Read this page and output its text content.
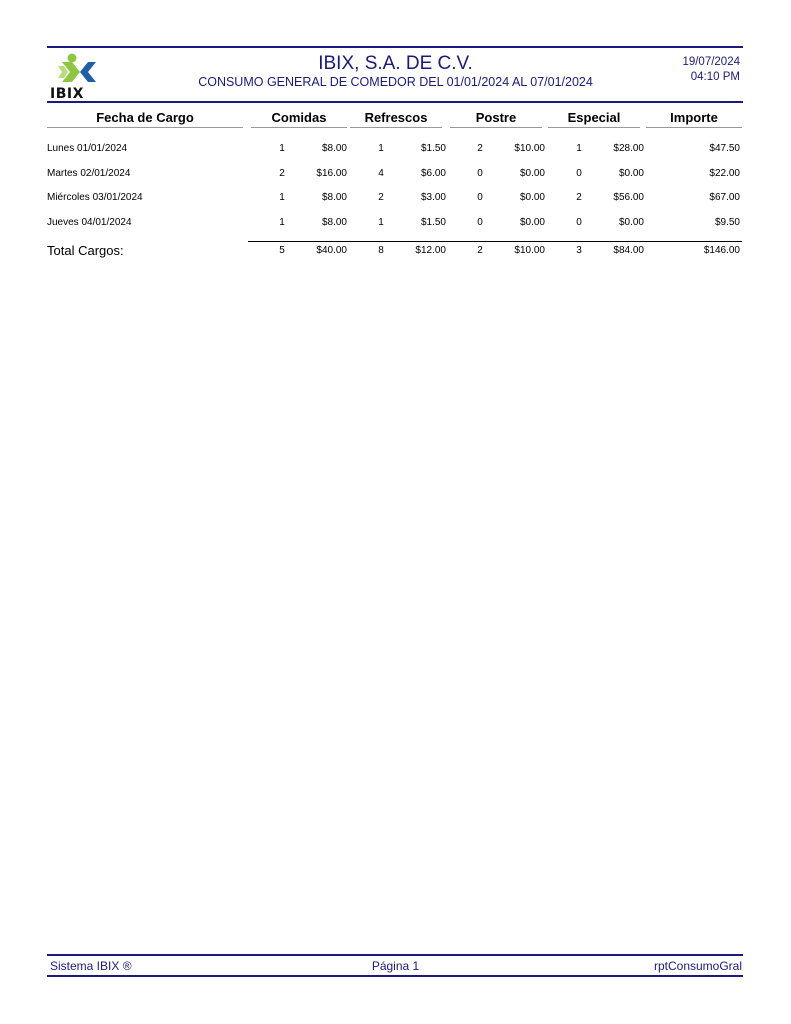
IBIX
IBIX, S.A. DE C.V.
CONSUMO GENERAL DE COMEDOR DEL 01/01/2024 AL 07/01/2024
19/07/2024
04:10 PM
Fecha de Cargo	Comidas	Refrescos	Postre	Especial	Importe
Lunes 01/01/2024	1	$8.00	1	$1.50	2	$10.00	1	$28.00	$47.50
Martes 02/01/2024	2	$16.00	4	$6.00	0	$0.00	0	$0.00	$22.00
Miércoles 03/01/2024	1	$8.00	2	$3.00	0	$0.00	2	$56.00	$67.00
Jueves 04/01/2024	1	$8.00	1	$1.50	0	$0.00	0	$0.00	$9.50
Total Cargos:	5	$40.00	8	$12.00	2	$10.00	3	$84.00	$146.00
Sistema IBIX ®	Página 1	rptConsumoGral
